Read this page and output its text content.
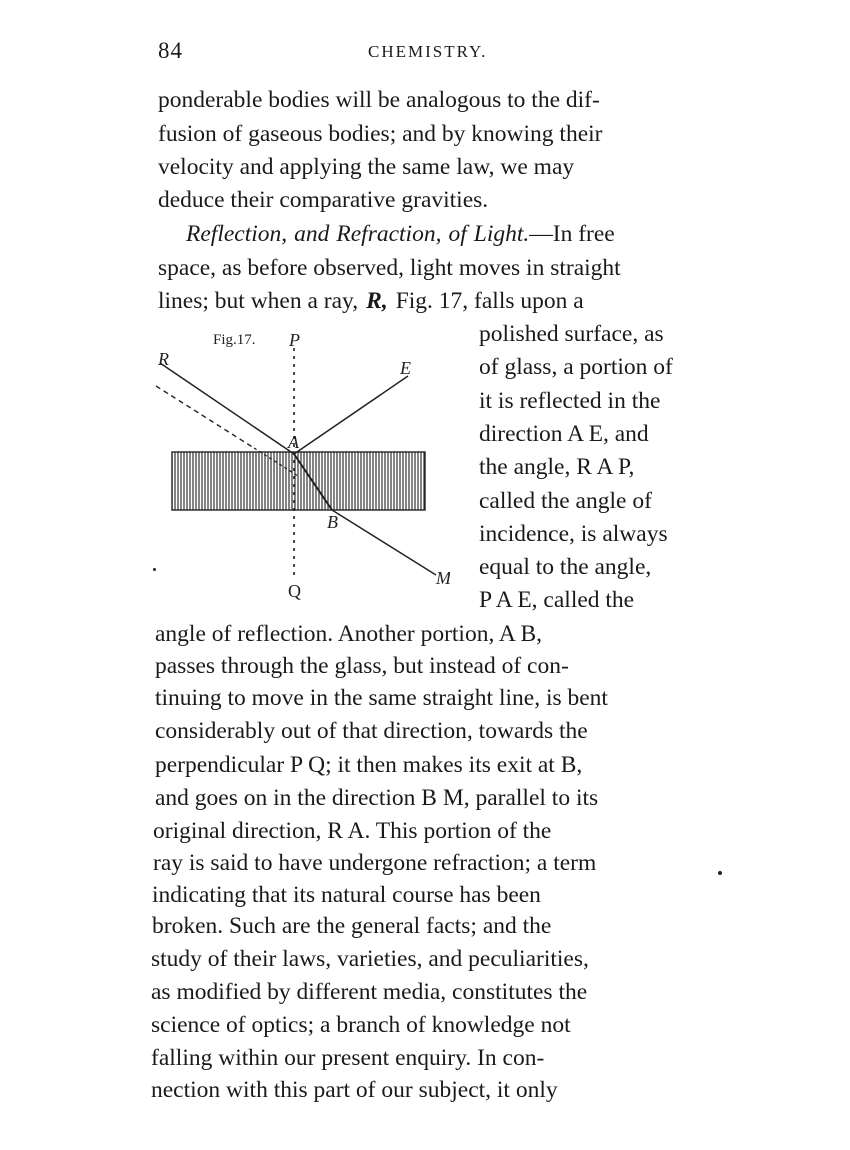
84	CHEMISTRY.
ponderable bodies will be analogous to the dif-
fusion of gaseous bodies; and by knowing their
velocity and applying the same law, we may
deduce their comparative gravities.
Reflection, and Refraction, of Light. —In free
space, as before observed, light moves in straight
lines; but when a ray, R, Fig. 17, falls upon a
Fig.17. P
R	E
A
B
M
Q
polished surface, as
of glass, a portion of
it is reflected in the
direction A E, and
the angle, R A P,
called the angle of
incidence, is always
equal to the angle,
P A E, called the
angle of reflection. Another portion, A B,
passes through the glass, but instead of con-
tinuing to move in the same straight line, is bent
considerably out of that direction, towards the
perpendicular P Q; it then makes its exit at B,
and goes on in the direction B M, parallel to its
original direction, R A. This portion of the
ray is said to have undergone refraction; a term
indicating that its natural course has been
broken. Such are the general facts; and the
study of their laws, varieties, and peculiarities,
as modified by different media, constitutes the
science of optics; a branch of knowledge not
falling within our present enquiry. In con-
nection with this part of our subject, it only
